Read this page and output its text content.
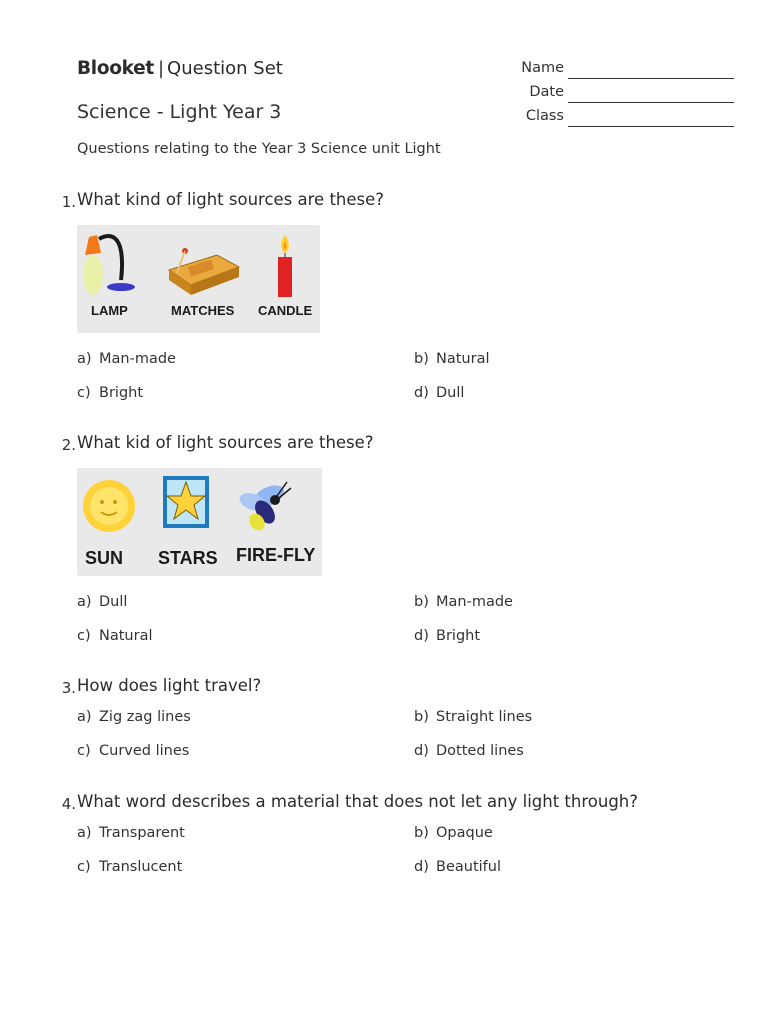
Blooket | Question Set
Science - Light Year 3
Questions relating to the Year 3 Science unit Light
Name
Date
Class
1. What kind of light sources are these?
LAMP	MATCHES CANDLE
a) Man-made	b) Natural
c) Bright	d) Dull
2. What kid of light sources are these?
SUN STARS FIRE-FLY
a) Dull	b) Man-made
c) Natural	d) Bright
3. How does light travel?
a) Zig zag lines	b) Straight lines
c) Curved lines	d) Dotted lines
4. What word describes a material that does not let any light through?
a) Transparent	b) Opaque
c) Translucent	d) Beautiful
